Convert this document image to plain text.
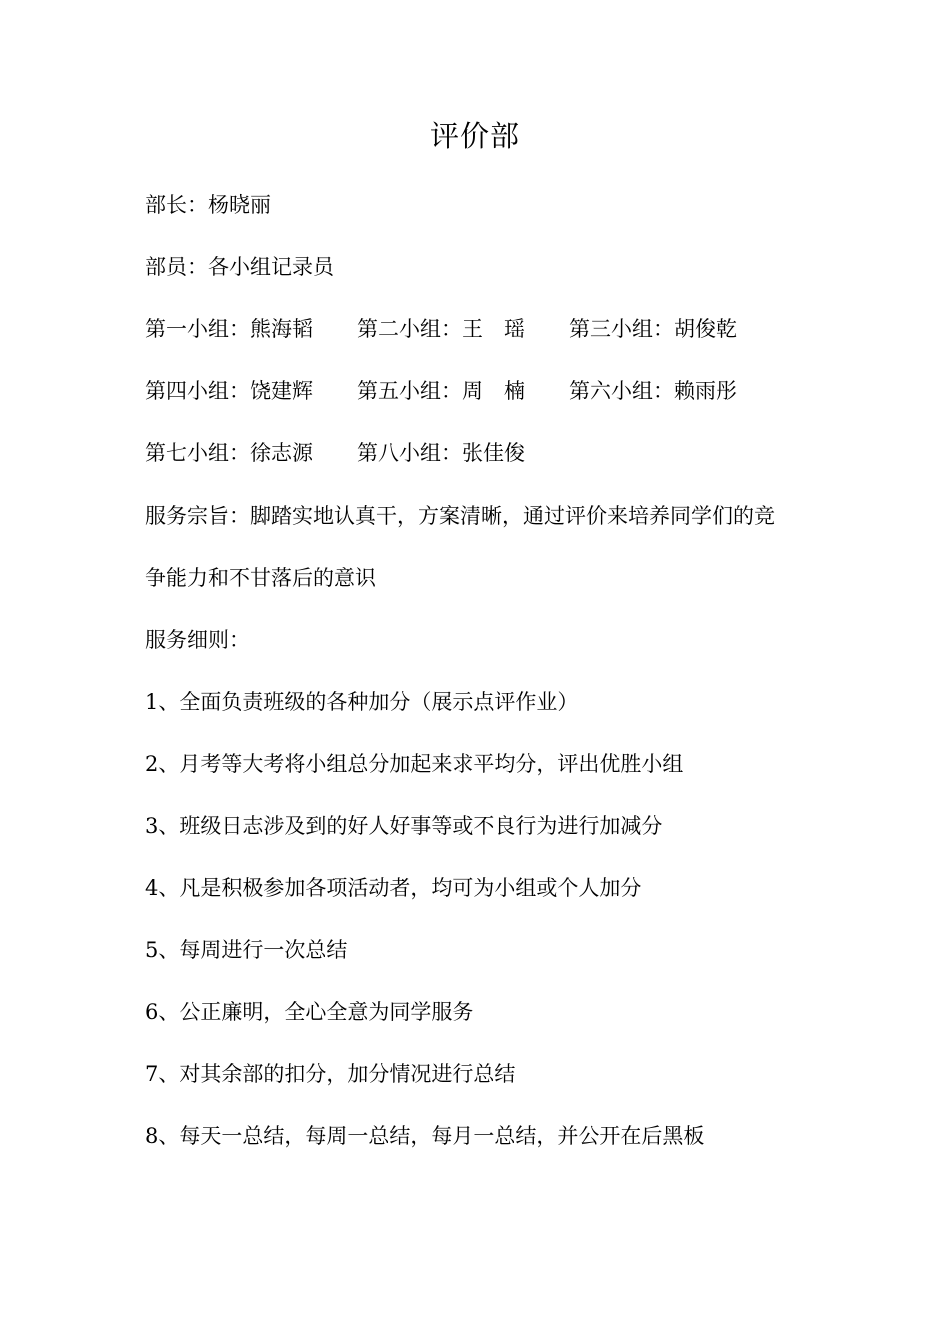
评价部
部长：杨晓丽
部员：各小组记录员
第一小组：熊海韬 第二小组：王　瑶 第三小组：胡俊乾
第四小组：饶建辉 第五小组：周　楠 第六小组：赖雨彤
第七小组：徐志源 第八小组：张佳俊
服务宗旨：脚踏实地认真干，方案清晰，通过评价来培养同学们的竞
争能力和不甘落后的意识
服务细则：
1、全面负责班级的各种加分（展示点评作业）
2、月考等大考将小组总分加起来求平均分，评出优胜小组
3、班级日志涉及到的好人好事等或不良行为进行加减分
4、凡是积极参加各项活动者，均可为小组或个人加分
5、每周进行一次总结
6、公正廉明，全心全意为同学服务
7、对其余部的扣分，加分情况进行总结
8、每天一总结，每周一总结，每月一总结，并公开在后黑板
